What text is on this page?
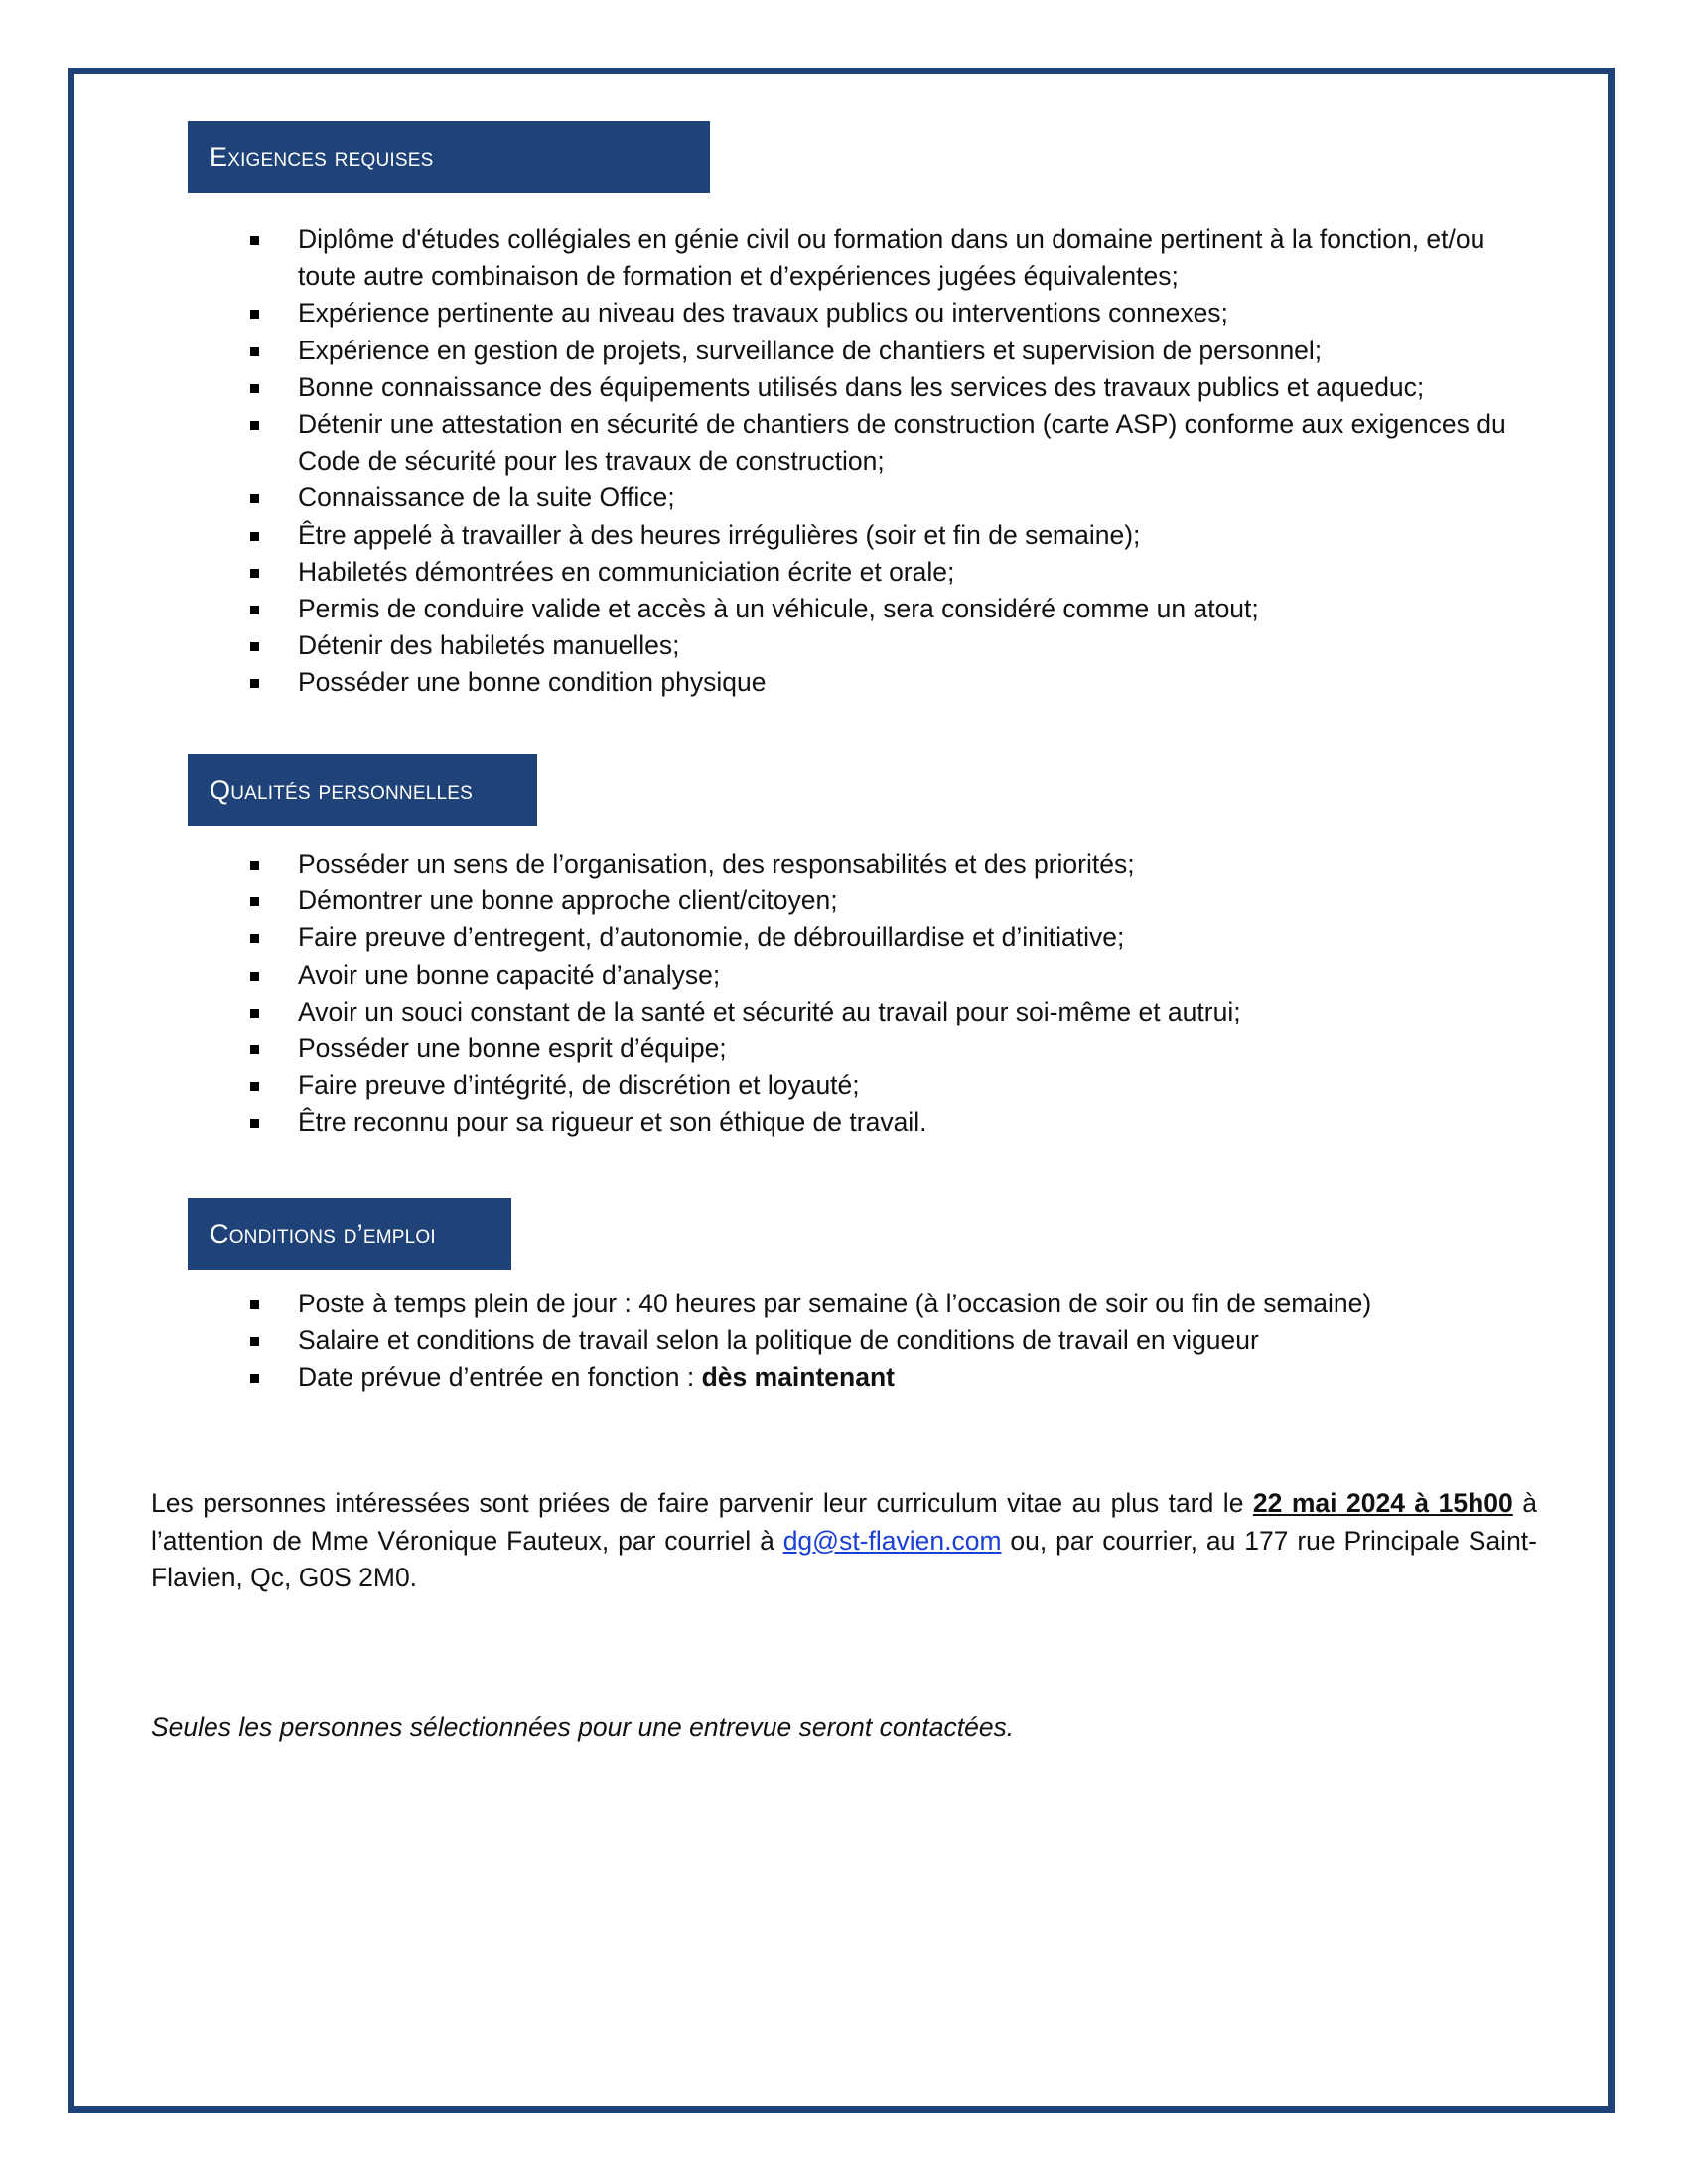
Exigences requises
Diplôme d'études collégiales en génie civil ou formation dans un domaine pertinent à la fonction, et/ou toute autre combinaison de formation et d’expériences jugées équivalentes;
Expérience pertinente au niveau des travaux publics ou interventions connexes;
Expérience en gestion de projets, surveillance de chantiers et supervision de personnel;
Bonne connaissance des équipements utilisés dans les services des travaux publics et aqueduc;
Détenir une attestation en sécurité de chantiers de construction (carte ASP) conforme aux exigences du Code de sécurité pour les travaux de construction;
Connaissance de la suite Office;
Être appelé à travailler à des heures irrégulières (soir et fin de semaine);
Habiletés démontrées en communiciation écrite et orale;
Permis de conduire valide et accès à un véhicule, sera considéré comme un atout;
Détenir des habiletés manuelles;
Posséder une bonne condition physique
Qualités personnelles
Posséder un sens de l’organisation, des responsabilités et des priorités;
Démontrer une bonne approche client/citoyen;
Faire preuve d’entregent, d’autonomie, de débrouillardise et d’initiative;
Avoir une bonne capacité d’analyse;
Avoir un souci constant de la santé et sécurité au travail pour soi-même et autrui;
Posséder une bonne esprit d’équipe;
Faire preuve d’intégrité, de discrétion et loyauté;
Être reconnu pour sa rigueur et son éthique de travail.
Conditions d’emploi
Poste à temps plein de jour : 40 heures par semaine (à l’occasion de soir ou fin de semaine)
Salaire et conditions de travail selon la politique de conditions de travail en vigueur
Date prévue d’entrée en fonction : dès maintenant
Les personnes intéressées sont priées de faire parvenir leur curriculum vitae au plus tard le 22 mai 2024 à 15h00 à l’attention de Mme Véronique Fauteux, par courriel à dg@st-flavien.com ou, par courrier, au 177 rue Principale Saint-Flavien, Qc, G0S 2M0.
Seules les personnes sélectionnées pour une entrevue seront contactées.
